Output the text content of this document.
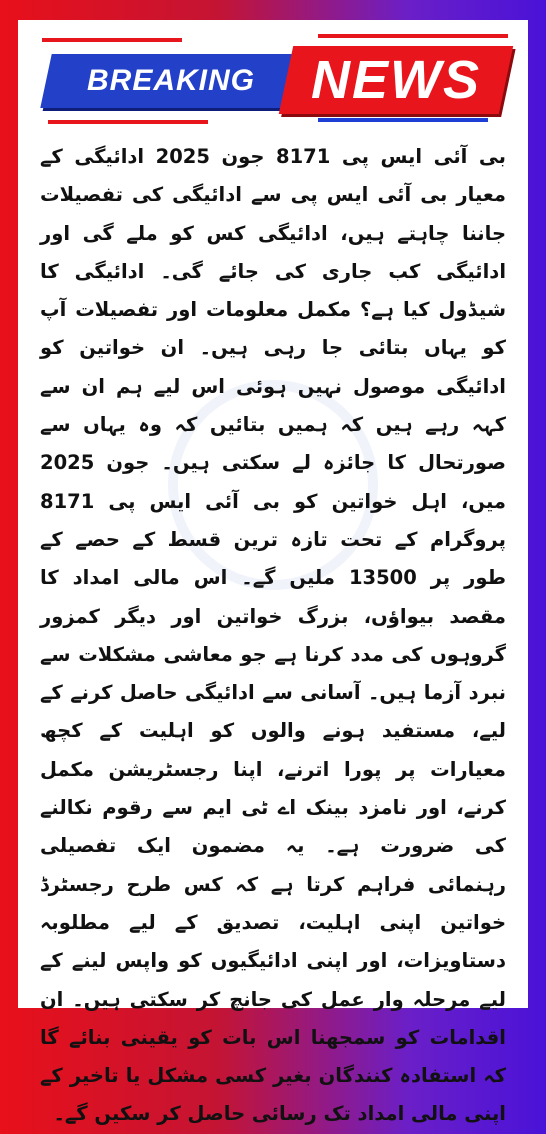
BREAKING NEWS

بی آئی ایس پی 8171 جون 2025 ادائیگی کے معیار بی آئی ایس پی سے ادائیگی کی تفصیلات جاننا چاہتے ہیں، ادائیگی کس کو ملے گی اور ادائیگی کب جاری کی جائے گی۔ ادائیگی کا شیڈول کیا ہے؟ مکمل معلومات اور تفصیلات آپ کو یہاں بتائی جا رہی ہیں۔ ان خواتین کو ادائیگی موصول نہیں ہوئی اس لیے ہم ان سے کہہ رہے ہیں کہ ہمیں بتائیں کہ وہ یہاں سے صورتحال کا جائزہ لے سکتی ہیں۔ جون 2025 میں، اہل خواتین کو بی آئی ایس پی 8171 پروگرام کے تحت تازہ ترین قسط کے حصے کے طور پر 13500 ملیں گے۔ اس مالی امداد کا مقصد بیواؤں، بزرگ خواتین اور دیگر کمزور گروہوں کی مدد کرنا ہے جو معاشی مشکلات سے نبرد آزما ہیں۔ آسانی سے ادائیگی حاصل کرنے کے لیے، مستفید ہونے والوں کو اہلیت کے کچھ معیارات پر پورا اترنے، اپنا رجسٹریشن مکمل کرنے، اور نامزد بینک اے ٹی ایم سے رقوم نکالنے کی ضرورت ہے۔ یہ مضمون ایک تفصیلی رہنمائی فراہم کرتا ہے کہ کس طرح رجسٹرڈ خواتین اپنی اہلیت، تصدیق کے لیے مطلوبہ دستاویزات، اور اپنی ادائیگیوں کو واپس لینے کے لیے مرحلہ وار عمل کی جانچ کر سکتی ہیں۔ ان اقدامات کو سمجھنا اس بات کو یقینی بنائے گا کہ استفادہ کنندگان بغیر کسی مشکل یا تاخیر کے اپنی مالی امداد تک رسائی حاصل کر سکیں گے۔
